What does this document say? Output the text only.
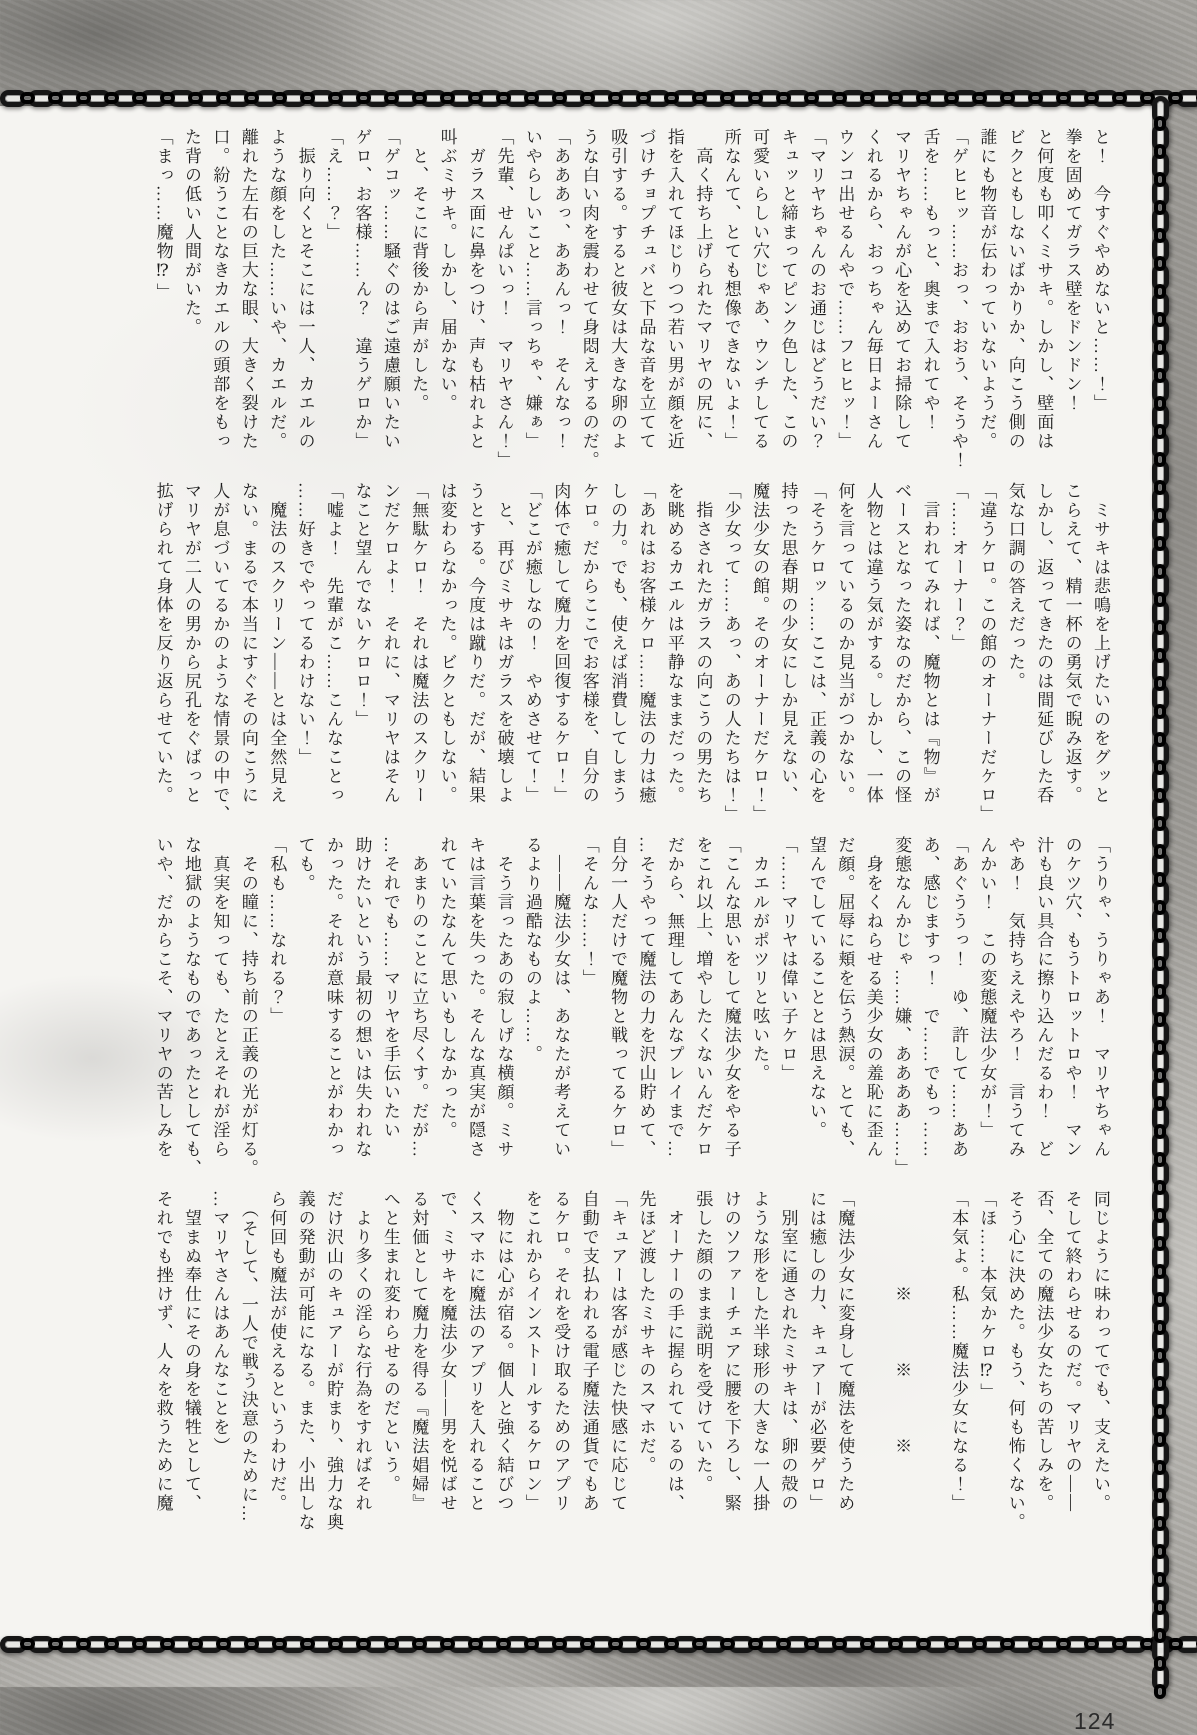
と！　今すぐやめないと……！」

拳を固めてガラス壁をドンドン！

と何度も叩くミサキ。しかし、壁面は

ビクともしないばかりか、向こう側の

誰にも物音が伝わっていないようだ。

「ゲヒヒッ……おっ、おおう、そうや！

舌を……もっと、奥まで入れてや！

マリヤちゃんが心を込めてお掃除して

くれるから、おっちゃん毎日よーさん

ウンコ出せるんやで……フヒヒッ！」

「マリヤちゃんのお通じはどうだい？

キュッと締まってピンク色した、この

可愛いらしい穴じゃあ、ウンチしてる

所なんて、とても想像できないよ！」

　高く持ち上げられたマリヤの尻に、

指を入れてほじりつつ若い男が顔を近

づけチョプチュバと下品な音を立てて

吸引する。すると彼女は大きな卵のよ

うな白い肉を震わせて身悶えするのだ。

「あああっ、ああんっ！　そんなっ！

いやらしいこと……言っちゃ、嫌ぁ」

「先輩、せんぱいっ！　マリヤさん！」

　ガラス面に鼻をつけ、声も枯れよと

叫ぶミサキ。しかし、届かない。

　と、そこに背後から声がした。

「ゲコッ……騒ぐのはご遠慮願いたい

ゲロ、お客様……ん？　違うゲロか」

「え……？」

　振り向くとそこには一人、カエルの

ような顔をした……いや、カエルだ。

離れた左右の巨大な眼、大きく裂けた

口。紛うことなきカエルの頭部をもっ

た背の低い人間がいた。

「まっ……魔物⁉」

　ミサキは悲鳴を上げたいのをグッと

こらえて、精一杯の勇気で睨み返す。

しかし、返ってきたのは間延びした呑

気な口調の答えだった。

「違うケロ。この館のオーナーだケロ」

「……オーナー？」

　言われてみれば、魔物とは『物』が

ベースとなった姿なのだから、この怪

人物とは違う気がする。しかし、一体

何を言っているのか見当がつかない。

「そうケロッ……ここは、正義の心を

持った思春期の少女にしか見えない、

魔法少女の館。そのオーナーだケロ！」

「少女って……あっ、あの人たちは！」

　指さされたガラスの向こうの男たち

を眺めるカエルは平静なままだった。

「あれはお客様ケロ……魔法の力は癒

しの力。でも、使えば消費してしまう

ケロ。だからここでお客様を、自分の

肉体で癒して魔力を回復するケロ！」

「どこが癒しなの！　やめさせて！」

　と、再びミサキはガラスを破壊しよ

うとする。今度は蹴りだ。だが、結果

は変わらなかった。ビクともしない。

「無駄ケロ！　それは魔法のスクリー

ンだケロよ！　それに、マリヤはそん

なこと望んでないケロロ！」

「嘘よ！　先輩がこ……こんなことっ

……好きでやってるわけない！」

　魔法のスクリーン――とは全然見え

ない。まるで本当にすぐその向こうに

人が息づいてるかのような情景の中で、

マリヤが二人の男から尻孔をぐばっと

拡げられて身体を反り返らせていた。

「うりゃ、うりゃあ！　マリヤちゃん

のケツ穴、もうトロットロや！　マン

汁も良い具合に擦り込んだるわ！　ど

やあ！　気持ちええやろ！　言うてみ

んかい！　この変態魔法少女が！」

「あぐううっ！　ゆ、許して……ああ

あ、感じますっ！　で……でもっ……

変態なんかじゃ……嫌、ああああ……」

　身をくねらせる美少女の羞恥に歪ん

だ顔。屈辱に頬を伝う熱涙。とても、

望んでしていることとは思えない。

「……マリヤは偉い子ケロ」

　カエルがポツリと呟いた。

「こんな思いをして魔法少女をやる子

をこれ以上、増やしたくないんだケロ

だから、無理してあんなプレイまで…

…そうやって魔法の力を沢山貯めて、

自分一人だけで魔物と戦ってるケロ」

「そんな……！」

　――魔法少女は、あなたが考えてい

るより過酷なものよ……。

　そう言ったあの寂しげな横顔。ミサ

キは言葉を失った。そんな真実が隠さ

れていたなんて思いもしなかった。

　あまりのことに立ち尽くす。だが…

…それでも……マリヤを手伝いたい

助けたいという最初の想いは失われな

かった。それが意味することがわかっ

ても。

「私も……なれる？」

　その瞳に、持ち前の正義の光が灯る。

　真実を知っても、たとえそれが淫ら

な地獄のようなものであったとしても、

いや、だからこそ、マリヤの苦しみを

同じように味わってでも、支えたい。

そして終わらせるのだ。マリヤの――

否、全ての魔法少女たちの苦しみを。

そう心に決めた。もう、何も怖くない。

「ほ……本気かケロ⁉」

「本気よ。私……魔法少女になる！」

　　　　　※　　　※　　　※

「魔法少女に変身して魔法を使うため

には癒しの力、キュアーが必要ゲロ」

　別室に通されたミサキは、卵の殻の

ような形をした半球形の大きな一人掛

けのソファーチェアに腰を下ろし、緊

張した顔のまま説明を受けていた。

　オーナーの手に握られているのは、

先ほど渡したミサキのスマホだ。

「キュアーは客が感じた快感に応じて

自動で支払われる電子魔法通貨でもあ

るケロ。それを受け取るためのアプリ

をこれからインストールするケロン」

　物には心が宿る。個人と強く結びつ

くスマホに魔法のアプリを入れること

で、ミサキを魔法少女――男を悦ばせ

る対価として魔力を得る『魔法娼婦』

へと生まれ変わらせるのだという。

　より多くの淫らな行為をすればそれ

だけ沢山のキュアーが貯まり、強力な奥

義の発動が可能になる。また、小出しな

ら何回も魔法が使えるというわけだ。

　（そして、一人で戦う決意のために…

…マリヤさんはあんなことを）

　望まぬ奉仕にその身を犠牲として、

それでも挫けず、人々を救うために魔

124
